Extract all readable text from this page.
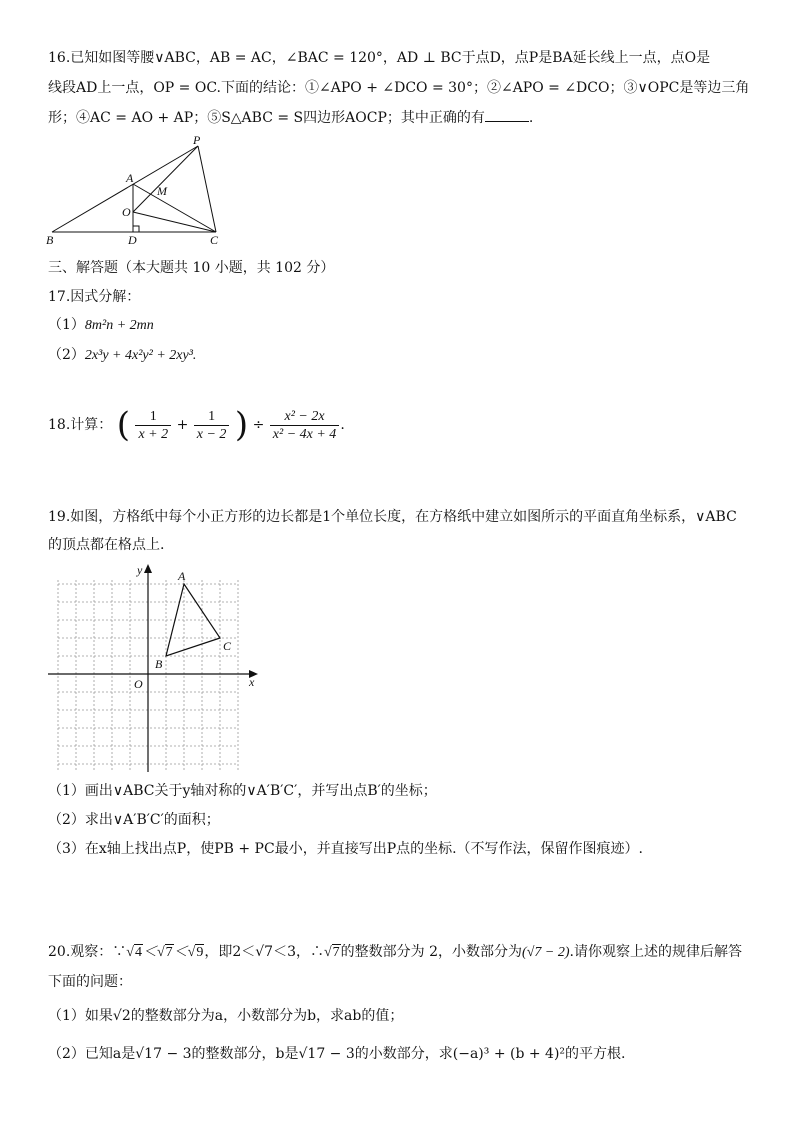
16.已知如图等腰∨ABC，AB = AC，∠BAC = 120°，AD ⊥ BC于点D，点P是BA延长线上一点，点O是
线段AD上一点，OP = OC.下面的结论：①∠APO + ∠DCO = 30°；②∠APO = ∠DCO；③∨OPC是等边三角
形；④AC = AO + AP；⑤S△ABC = S四边形AOCP；其中正确的有	.
P
A
M
O
B	D	C
三、解答题（本大题共 10 小题，共 102 分）
17.因式分解：
（1）8m²n + 2mn
（2）2x³y + 4x²y² + 2xy³.
18.计算： ( $\frac{1}{x + 2} + \frac{1}{x - 2}$ ) ÷ $\frac{\text{x² − 2x}}{\text{x² − 4x + 4}}$ .
19.如图，方格纸中每个小正方形的边长都是1个单位长度，在方格纸中建立如图所示的平面直角坐标系，∨ABC
的顶点都在格点上.
y
x
O
A
B
C
（1）画出∨ABC关于y轴对称的∨A′B′C′，并写出点B′的坐标；
（2）求出∨A′B′C′的面积；
（3）在x轴上找出点P，使PB + PC最小，并直接写出P点的坐标.（不写作法，保留作图痕迹）.
20.观察：∵√4＜√7＜√9，即2＜√7＜3，∴√7的整数部分为 2，小数部分为(√7 − 2).请你观察上述的规律后解答
下面的问题：
（1）如果√2的整数部分为a，小数部分为b，求ab的值；
（2）已知a是√17 − 3的整数部分，b是√17 − 3的小数部分，求(−a)³ + (b + 4)²的平方根.
